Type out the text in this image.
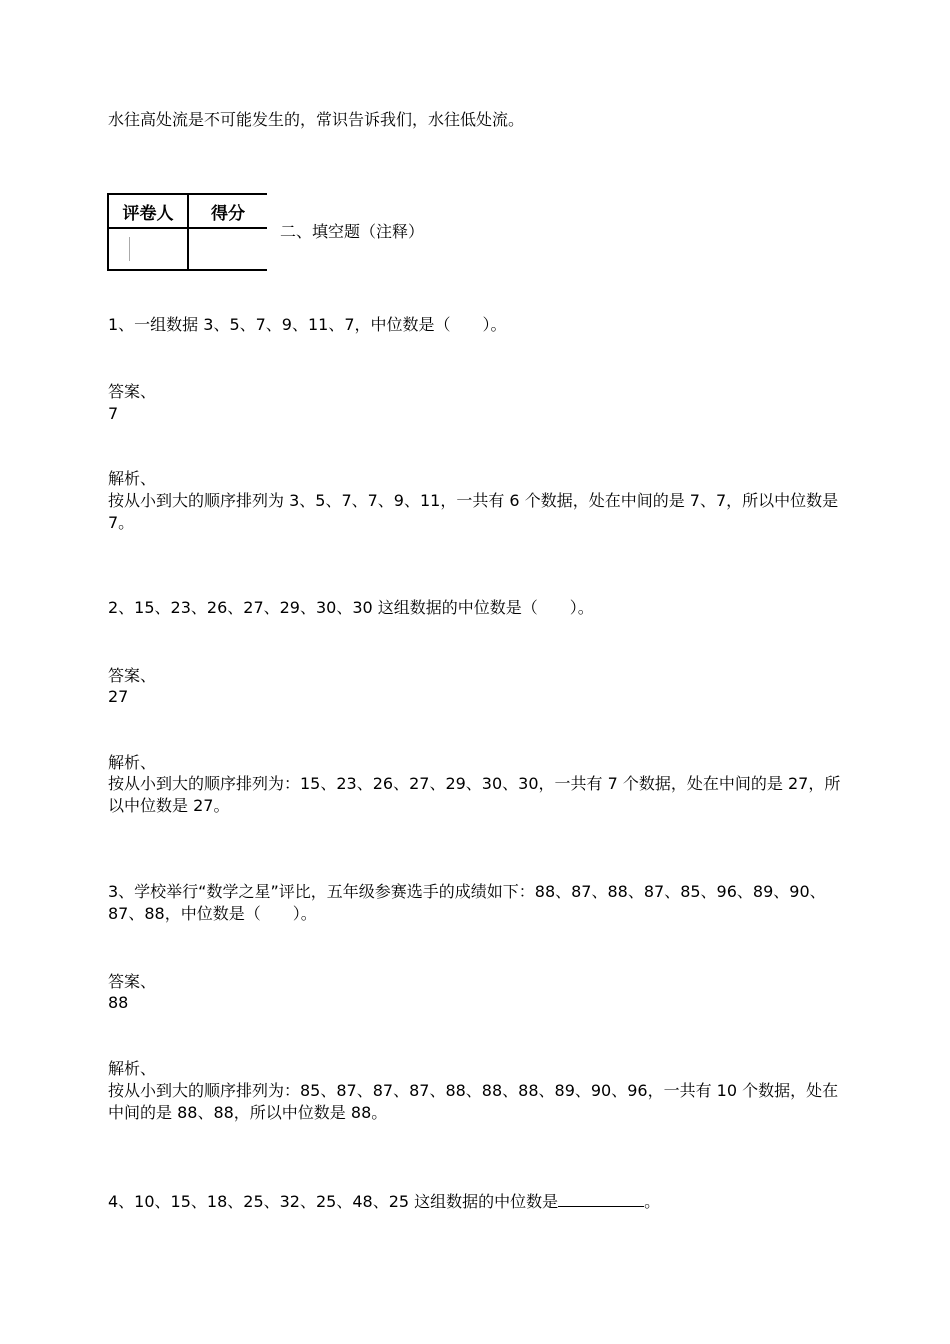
水往高处流是不可能发生的，常识告诉我们，水往低处流。
评卷人	得分

二、填空题（注释）
1、一组数据 3、5、7、9、11、7，中位数是（　　）。
答案、
7
解析、
按从小到大的顺序排列为 3、5、7、7、9、11，一共有 6 个数据，处在中间的是 7、7，所以中位数是 7。
2、15、23、26、27、29、30、30 这组数据的中位数是（　　）。
答案、
27
解析、
按从小到大的顺序排列为：15、23、26、27、29、30、30，一共有 7 个数据，处在中间的是 27，所以中位数是 27。
3、学校举行“数学之星”评比，五年级参赛选手的成绩如下：88、87、88、87、85、96、89、90、87、88，中位数是（　　）。
答案、
88
解析、
按从小到大的顺序排列为：85、87、87、87、88、88、88、89、90、96，一共有 10 个数据，处在中间的是 88、88，所以中位数是 88。
4、10、15、18、25、32、25、48、25 这组数据的中位数是	。
